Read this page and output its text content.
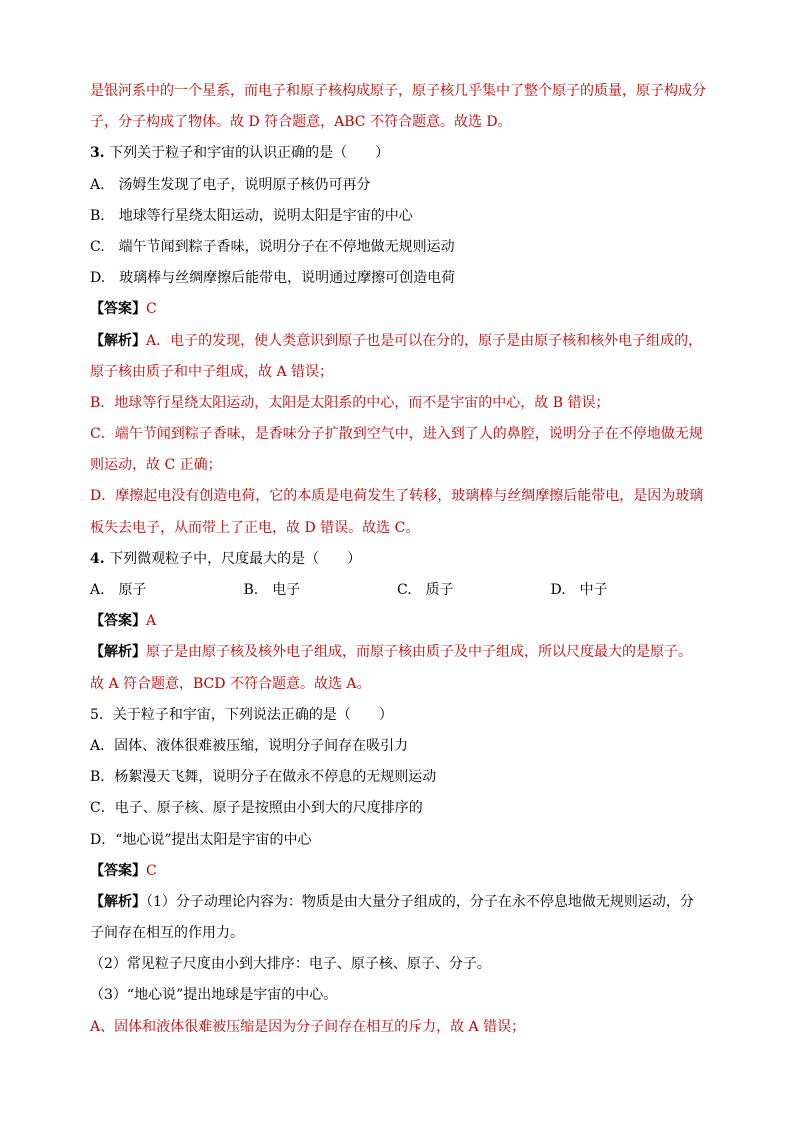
是银河系中的一个星系，而电子和原子核构成原子，原子核几乎集中了整个原子的质量，原子构成分
子，分子构成了物体。故 D 符合题意，ABC 不符合题意。故选 D。
3. 下列关于粒子和宇宙的认识正确的是（　　）
A.　汤姆生发现了电子，说明原子核仍可再分
B.　地球等行星绕太阳运动，说明太阳是宇宙的中心
C.　端午节闻到粽子香味，说明分子在不停地做无规则运动
D.　玻璃棒与丝绸摩擦后能带电，说明通过摩擦可创造电荷
【答案】C
【解析】A．电子的发现，使人类意识到原子也是可以在分的，原子是由原子核和核外电子组成的，
原子核由质子和中子组成，故 A 错误；
B．地球等行星绕太阳运动，太阳是太阳系的中心，而不是宇宙的中心，故 B 错误；
C．端午节闻到粽子香味，是香味分子扩散到空气中，进入到了人的鼻腔，说明分子在不停地做无规
则运动，故 C 正确；
D．摩擦起电没有创造电荷，它的本质是电荷发生了转移，玻璃棒与丝绸摩擦后能带电，是因为玻璃
板失去电子，从而带上了正电，故 D 错误。故选 C。
4. 下列微观粒子中，尺度最大的是（　　）
A.　原子	B.　电子	C.　质子	D.　中子
【答案】A
【解析】原子是由原子核及核外电子组成，而原子核由质子及中子组成，所以尺度最大的是原子。
故 A 符合题意，BCD 不符合题意。故选 A。
5．关于粒子和宇宙，下列说法正确的是（　　）
A．固体、液体很难被压缩，说明分子间存在吸引力
B．杨絮漫天飞舞，说明分子在做永不停息的无规则运动
C．电子、原子核、原子是按照由小到大的尺度排序的
D．“地心说”提出太阳是宇宙的中心
【答案】C
【解析】（1）分子动理论内容为：物质是由大量分子组成的，分子在永不停息地做无规则运动，分
子间存在相互的作用力。
（2）常见粒子尺度由小到大排序：电子、原子核、原子、分子。
（3）“地心说”提出地球是宇宙的中心。
A、固体和液体很难被压缩是因为分子间存在相互的斥力，故 A 错误；
